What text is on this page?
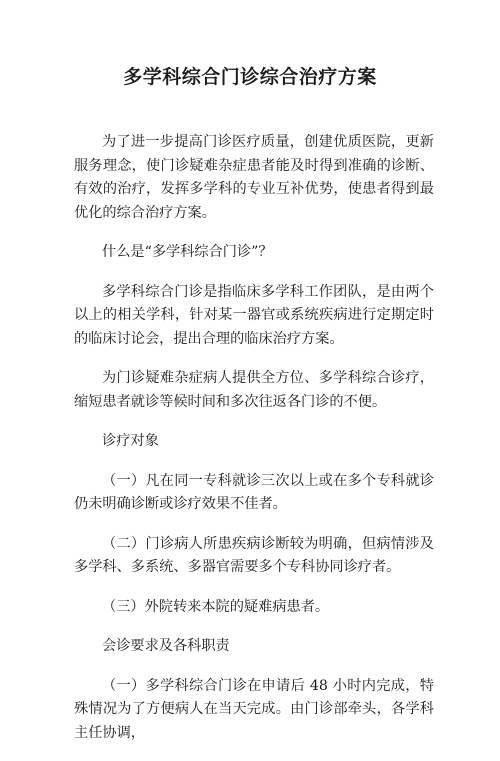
多学科综合门诊综合治疗方案

为了进一步提高门诊医疗质量，创建优质医院，更新服务理念，使门诊疑难杂症患者能及时得到准确的诊断、有效的治疗，发挥多学科的专业互补优势，使患者得到最优化的综合治疗方案。

什么是“多学科综合门诊”？

多学科综合门诊是指临床多学科工作团队，是由两个以上的相关学科，针对某一器官或系统疾病进行定期定时的临床讨论会，提出合理的临床治疗方案。

为门诊疑难杂症病人提供全方位、多学科综合诊疗，缩短患者就诊等候时间和多次往返各门诊的不便。

诊疗对象

（一）凡在同一专科就诊三次以上或在多个专科就诊仍未明确诊断或诊疗效果不佳者。

（二）门诊病人所患疾病诊断较为明确，但病情涉及多学科、多系统、多器官需要多个专科协同诊疗者。

（三）外院转来本院的疑难病患者。

会诊要求及各科职责

（一）多学科综合门诊在申请后 48 小时内完成，特殊情况为了方便病人在当天完成。由门诊部牵头，各学科主任协调，
